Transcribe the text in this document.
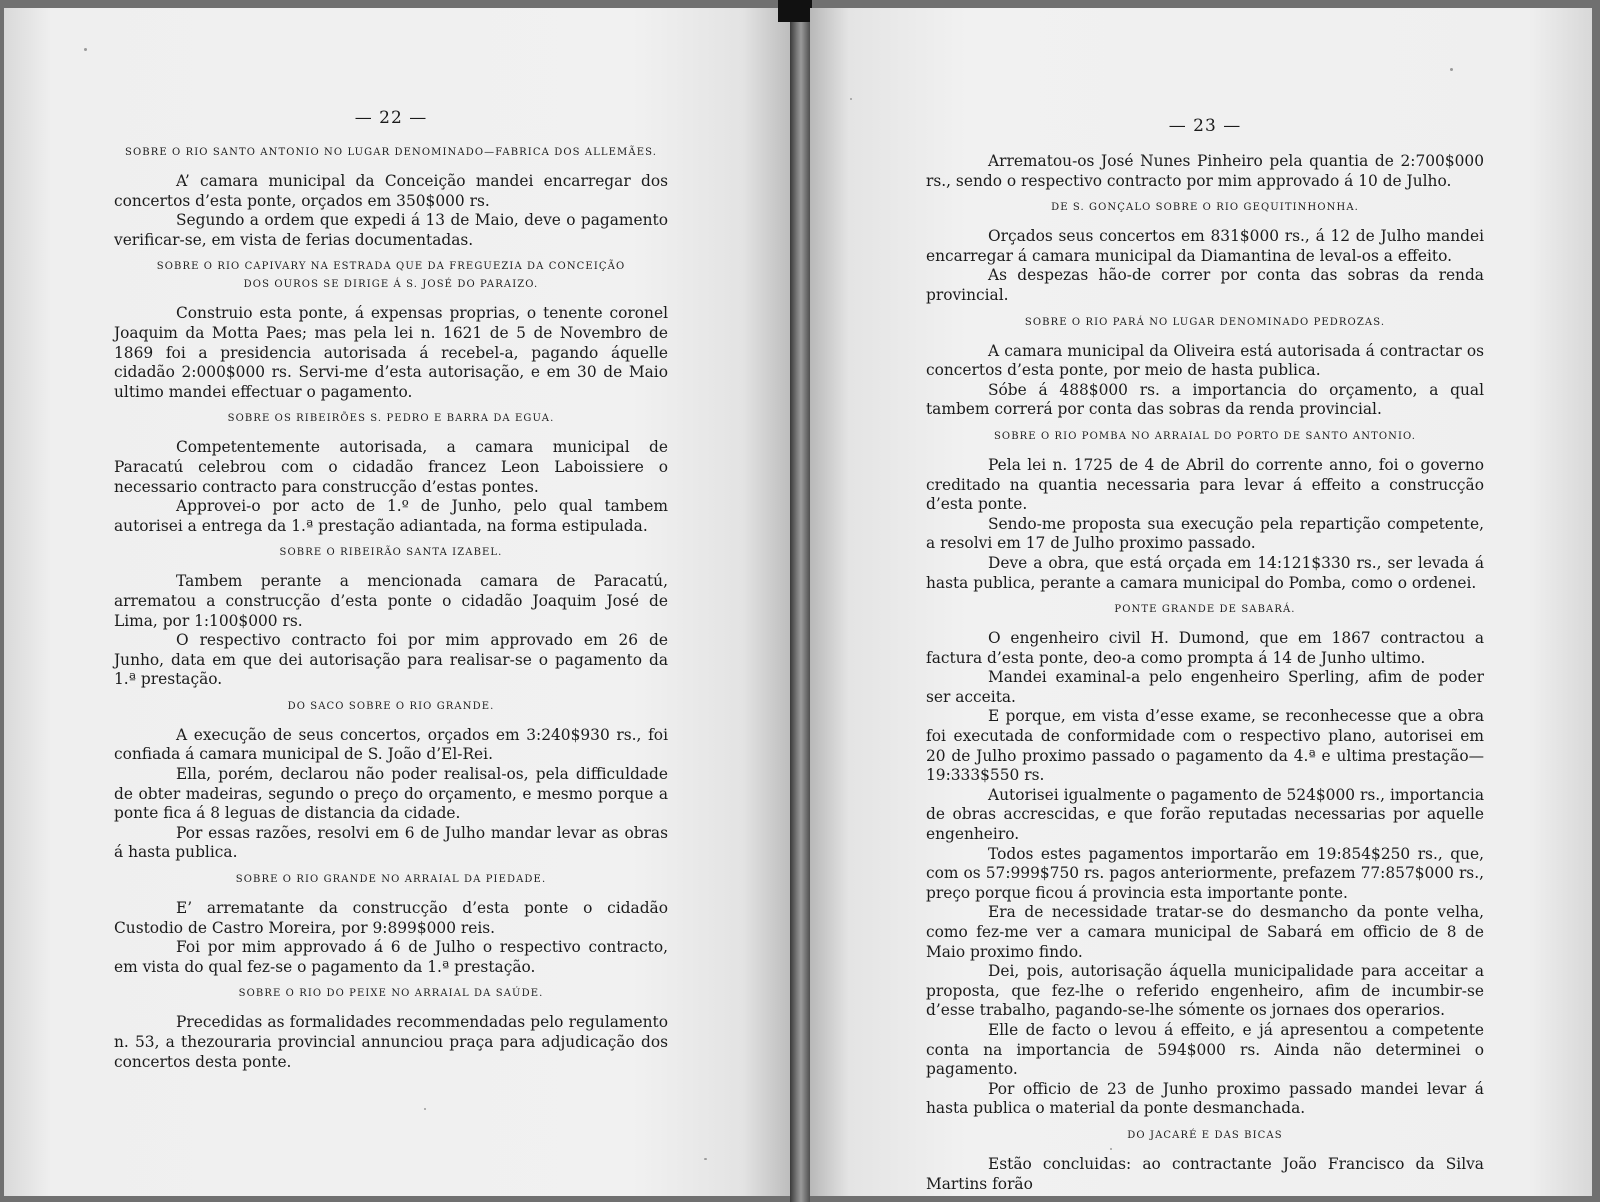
— 22 —
SOBRE O RIO SANTO ANTONIO NO LUGAR DENOMINADO—FABRICA DOS ALLEMÃES.

A’ camara municipal da Conceição mandei encarregar dos concertos d’esta ponte, orçados em 350$000 rs.

Segundo a ordem que expedi á 13 de Maio, deve o pagamento verificar-se, em vista de ferias documentadas.

SOBRE O RIO CAPIVARY NA ESTRADA QUE DA FREGUEZIA DA CONCEIÇÃO DOS OUROS SE DIRIGE Á S. JOSÉ DO PARAIZO.

Construio esta ponte, á expensas proprias, o tenente coronel Joaquim da Motta Paes; mas pela lei n. 1621 de 5 de Novembro de 1869 foi a presidencia autorisada á recebel-a, pagando áquelle cidadão 2:000$000 rs. Servi-me d’esta autorisação, e em 30 de Maio ultimo mandei effectuar o pagamento.

SOBRE OS RIBEIRÕES S. PEDRO E BARRA DA EGUA.

Competentemente autorisada, a camara municipal de Paracatú celebrou com o cidadão francez Leon Laboissiere o necessario contracto para construcção d’estas pontes.

Approvei-o por acto de 1.º de Junho, pelo qual tambem autorisei a entrega da 1.ª prestação adiantada, na forma estipulada.

SOBRE O RIBEIRÃO SANTA IZABEL.

Tambem perante a mencionada camara de Paracatú, arrematou a construcção d’esta ponte o cidadão Joaquim José de Lima, por 1:100$000 rs.

O respectivo contracto foi por mim approvado em 26 de Junho, data em que dei autorisação para realisar-se o pagamento da 1.ª prestação.

DO SACO SOBRE O RIO GRANDE.

A execução de seus concertos, orçados em 3:240$930 rs., foi confiada á camara municipal de S. João d’El-Rei.

Ella, porém, declarou não poder realisal-os, pela difficuldade de obter madeiras, segundo o preço do orçamento, e mesmo porque a ponte fica á 8 leguas de distancia da cidade.

Por essas razões, resolvi em 6 de Julho mandar levar as obras á hasta publica.

SOBRE O RIO GRANDE NO ARRAIAL DA PIEDADE.

E’ arrematante da construcção d’esta ponte o cidadão Custodio de Castro Moreira, por 9:899$000 reis.

Foi por mim approvado á 6 de Julho o respectivo contracto, em vista do qual fez-se o pagamento da 1.ª prestação.

SOBRE O RIO DO PEIXE NO ARRAIAL DA SAÚDE.

Precedidas as formalidades recommendadas pelo regulamento n. 53, a thezouraria provincial annunciou praça para adjudicação dos concertos desta ponte.

— 23 —

Arrematou-os José Nunes Pinheiro pela quantia de 2:700$000 rs., sendo o respectivo contracto por mim approvado á 10 de Julho.

DE S. GONÇALO SOBRE O RIO GEQUITINHONHA.

Orçados seus concertos em 831$000 rs., á 12 de Julho mandei encarregar á camara municipal da Diamantina de leval-os a effeito.

As despezas hão-de correr por conta das sobras da renda provincial.

SOBRE O RIO PARÁ NO LUGAR DENOMINADO PEDROZAS.

A camara municipal da Oliveira está autorisada á contractar os concertos d’esta ponte, por meio de hasta publica.

Sóbe á 488$000 rs. a importancia do orçamento, a qual tambem correrá por conta das sobras da renda provincial.

SOBRE O RIO POMBA NO ARRAIAL DO PORTO DE SANTO ANTONIO.

Pela lei n. 1725 de 4 de Abril do corrente anno, foi o governo creditado na quantia necessaria para levar á effeito a construcção d’esta ponte.

Sendo-me proposta sua execução pela repartição competente, a resolvi em 17 de Julho proximo passado.

Deve a obra, que está orçada em 14:121$330 rs., ser levada á hasta publica, perante a camara municipal do Pomba, como o ordenei.

PONTE GRANDE DE SABARÁ.

O engenheiro civil H. Dumond, que em 1867 contractou a factura d’esta ponte, deo-a como prompta á 14 de Junho ultimo.

Mandei examinal-a pelo engenheiro Sperling, afim de poder ser acceita.

E porque, em vista d’esse exame, se reconhecesse que a obra foi executada de conformidade com o respectivo plano, autorisei em 20 de Julho proximo passado o pagamento da 4.ª e ultima prestação—19:333$550 rs.

Autorisei igualmente o pagamento de 524$000 rs., importancia de obras accrescidas, e que forão reputadas necessarias por aquelle engenheiro.

Todos estes pagamentos importarão em 19:854$250 rs., que, com os 57:999$750 rs. pagos anteriormente, prefazem 77:857$000 rs., preço porque ficou á provincia esta importante ponte.

Era de necessidade tratar-se do desmancho da ponte velha, como fez-me ver a camara municipal de Sabará em officio de 8 de Maio proximo findo.

Dei, pois, autorisação áquella municipalidade para acceitar a proposta, que fez-lhe o referido engenheiro, afim de incumbir-se d’esse trabalho, pagando-se-lhe sómente os jornaes dos operarios.

Elle de facto o levou á effeito, e já apresentou a competente conta na importancia de 594$000 rs. Ainda não determinei o pagamento.

Por officio de 23 de Junho proximo passado mandei levar á hasta publica o material da ponte desmanchada.

DO JACARÉ E DAS BICAS

Estão concluidas: ao contractante João Francisco da Silva Martins forão
